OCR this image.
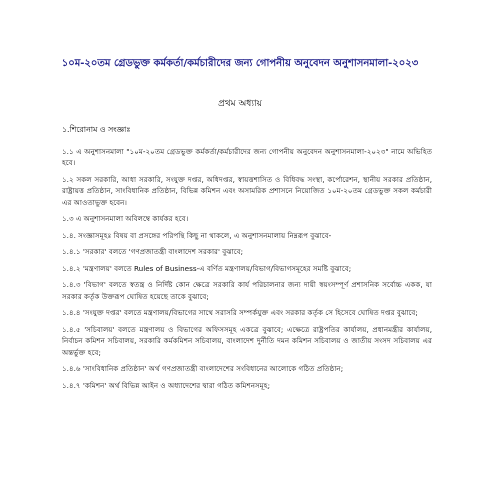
১০ম-২০তম গ্রেডভুক্ত কর্মকর্তা/কর্মচারীদের জন্য গোপনীয় অনুবেদন অনুশাসনমালা-২০২৩
প্রথম অধ্যায়

১.শিরোনাম ও সংজ্ঞাঃ

১.১ এ অনুশাসনমালা "১০ম-২০তম গ্রেডভুক্ত কর্মকর্তা/কর্মচারীদের জন্য গোপনীয় অনুবেদন অনুশাসনমালা-২০২৩" নামে অভিহিত হবে।

১.২ সকল সরকারি, আধা সরকারি, সংযুক্ত দপ্তর, অধিদপ্তর, স্বায়ত্তশাসিত ও বিধিবদ্ধ সংস্থা, কর্পোরেশন, স্থানীয় সরকার প্রতিষ্ঠান, রাষ্ট্রায়ত্ত প্রতিষ্ঠান, সাংবিধানিক প্রতিষ্ঠান, বিভিন্ন কমিশন এবং অসামরিক প্রশাসনে নিয়োজিত ১০ম-২০তম গ্রেডভুক্ত সকল কর্মচারী এর আওতাভুক্ত হবেন।

১.৩ এ অনুশাসনমালা অবিলম্বে কার্যকর হবে।

১.৪. সংজ্ঞাসমূহঃ বিষয় বা প্রসঙ্গের পরিপন্থি কিছু না থাকলে, এ অনুশাসনমালায় নিম্নরূপ বুঝাবে-

১.৪.১ 'সরকার' বলতে 'গণপ্রজাতন্ত্রী বাংলাদেশ সরকার' বুঝাবে;

১.৪.২ 'মন্ত্রণালয়' বলতে Rules of Business-এ বর্ণিত মন্ত্রণালয়/বিভাগ/বিভাগসমূহের সমষ্টি বুঝাবে;

১.৪.৩ 'বিভাগ' বলতে স্বতন্ত্র ও নির্দিষ্ট কোন ক্ষেত্রে সরকারি কার্য পরিচালনার জন্য দায়ী স্বয়ংসম্পূর্ণ প্রশাসনিক সর্বোচ্চ একক, যা সরকার কর্তৃক উক্তরূপ ঘোষিত হয়েছে তাকে বুঝাবে;

১.৪.৪ 'সংযুক্ত দপ্তর' বলতে মন্ত্রণালয়/বিভাগের সাথে সরাসরি সম্পর্কযুক্ত এবং সরকার কর্তৃক সে হিসেবে ঘোষিত দপ্তর বুঝাবে;

১.৪.৫ 'সচিবালয়' বলতে মন্ত্রণালয় ও বিভাগের অফিসসমূহ একত্রে বুঝাবে; এক্ষেত্রে রাষ্ট্রপতির কার্যালয়, প্রধানমন্ত্রীর কার্যালয়, নির্বাচন কমিশন সচিবালয়, সরকারি কর্মকমিশন সচিবালয়, বাংলাদেশ দুর্নীতি দমন কমিশন সচিবালয় ও জাতীয় সংসদ সচিবালয় এর অন্তর্ভুক্ত হবে;

১.৪.৬ 'সাংবিধানিক প্রতিষ্ঠান' অর্থ গণপ্রজাতন্ত্রী বাংলাদেশের সংবিধানের আলোকে গঠিত প্রতিষ্ঠান;

১.৪.৭ 'কমিশন' অর্থ বিভিন্ন আইন ও অধ্যাদেশের দ্বারা গঠিত কমিশনসমূহ;
